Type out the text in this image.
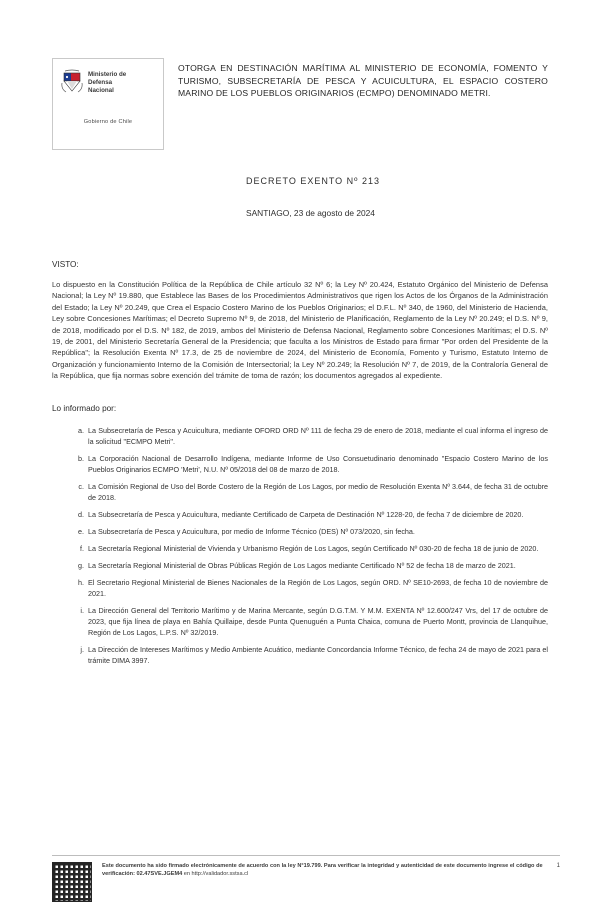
Ministerio de
Defensa
Nacional
Gobierno de Chile
OTORGA EN DESTINACIÓN MARÍTIMA AL MINISTERIO DE ECONOMÍA, FOMENTO Y TURISMO, SUBSECRETARÍA DE PESCA Y ACUICULTURA, EL ESPACIO COSTERO MARINO DE LOS PUEBLOS ORIGINARIOS (ECMPO) DENOMINADO METRI.
DECRETO EXENTO Nº 213
SANTIAGO, 23 de agosto de 2024
VISTO:
Lo dispuesto en la Constitución Política de la República de Chile artículo 32 Nº 6; la Ley Nº 20.424, Estatuto Orgánico del Ministerio de Defensa Nacional; la Ley Nº 19.880, que Establece las Bases de los Procedimientos Administrativos que rigen los Actos de los Órganos de la Administración del Estado; la Ley Nº 20.249, que Crea el Espacio Costero Marino de los Pueblos Originarios; el D.F.L. Nº 340, de 1960, del Ministerio de Hacienda, Ley sobre Concesiones Marítimas; el Decreto Supremo Nº 9, de 2018, del Ministerio de Planificación, Reglamento de la Ley Nº 20.249; el D.S. Nº 9, de 2018, modificado por el D.S. Nº 182, de 2019, ambos del Ministerio de Defensa Nacional, Reglamento sobre Concesiones Marítimas; el D.S. Nº 19, de 2001, del Ministerio Secretaría General de la Presidencia; que faculta a los Ministros de Estado para firmar "Por orden del Presidente de la República"; la Resolución Exenta Nº 17.3, de 25 de noviembre de 2024, del Ministerio de Economía, Fomento y Turismo, Estatuto Interno de Organización y funcionamiento Interno de la Comisión de Intersectorial; la Ley Nº 20.249; la Resolución Nº 7, de 2019, de la Contraloría General de la República, que fija normas sobre exención del trámite de toma de razón; los documentos agregados al expediente.
Lo informado por:
a. La Subsecretaría de Pesca y Acuicultura, mediante OFORD ORD Nº 111 de fecha 29 de enero de 2018, mediante el cual informa el ingreso de la solicitud "ECMPO Metri".
b. La Corporación Nacional de Desarrollo Indígena, mediante Informe de Uso Consuetudinario denominado "Espacio Costero Marino de los Pueblos Originarios ECMPO 'Metri', N.U. Nº 05/2018 del 08 de marzo de 2018.
c. La Comisión Regional de Uso del Borde Costero de la Región de Los Lagos, por medio de Resolución Exenta Nº 3.644, de fecha 31 de octubre de 2018.
d. La Subsecretaría de Pesca y Acuicultura, mediante Certificado de Carpeta de Destinación Nº 1228-20, de fecha 7 de diciembre de 2020.
e. La Subsecretaría de Pesca y Acuicultura, por medio de Informe Técnico (DES) Nº 073/2020, sin fecha.
f. La Secretaría Regional Ministerial de Vivienda y Urbanismo Región de Los Lagos, según Certificado Nº 030-20 de fecha 18 de junio de 2020.
g. La Secretaría Regional Ministerial de Obras Públicas Región de Los Lagos mediante Certificado Nº 52 de fecha 18 de marzo de 2021.
h. El Secretario Regional Ministerial de Bienes Nacionales de la Región de Los Lagos, según ORD. Nº SE10-2693, de fecha 10 de noviembre de 2021.
i. La Dirección General del Territorio Marítimo y de Marina Mercante, según D.G.T.M. Y M.M. EXENTA Nº 12.600/247 Vrs, del 17 de octubre de 2023, que fija línea de playa en Bahía Quillaipe, desde Punta Quenuguén a Punta Chaica, comuna de Puerto Montt, provincia de Llanquihue, Región de Los Lagos, L.P.S. Nº 32/2019.
j. La Dirección de Intereses Marítimos y Medio Ambiente Acuático, mediante Concordancia Informe Técnico, de fecha 24 de mayo de 2021 para el trámite DIMA 3997.
Este documento ha sido firmado electrónicamente de acuerdo con la ley N°19.799. Para verificar la integridad y autenticidad de este documento ingrese el código de verificación: 02.47SVE.JGEM4 en http://validador.sstsa.cl
1
